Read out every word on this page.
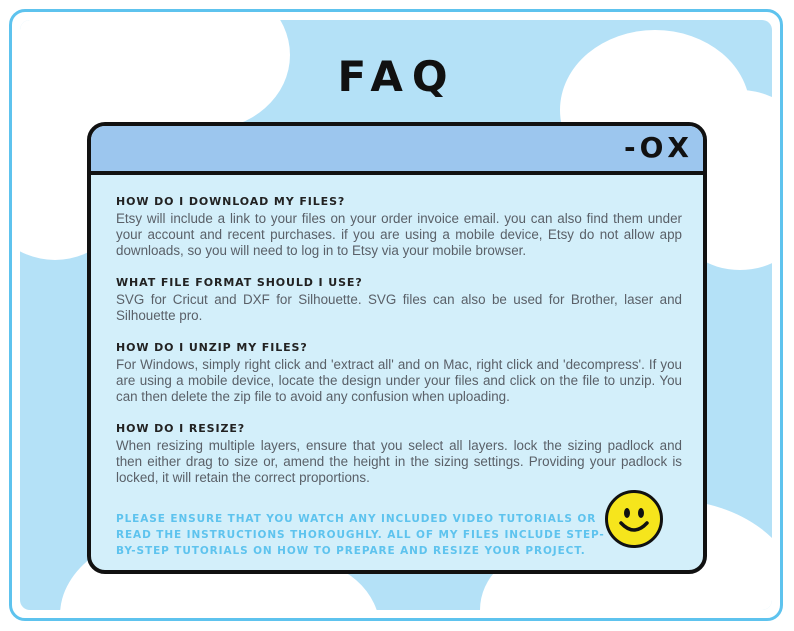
FAQ
- O X
HOW DO I DOWNLOAD MY FILES?
Etsy will include a link to your files on your order invoice email. you can also find them under your account and recent purchases. if you are using a mobile device, Etsy do not allow app downloads, so you will need to log in to Etsy via your mobile browser.
WHAT FILE FORMAT SHOULD I USE?
SVG for Cricut and DXF for Silhouette. SVG files can also be used for Brother, laser and Silhouette pro.
HOW DO I UNZIP MY FILES?
For Windows, simply right click and 'extract all' and on Mac, right click and 'decompress'. If you are using a mobile device, locate the design under your files and click on the file to unzip. You can then delete the zip file to avoid any confusion when uploading.
HOW DO I RESIZE?
When resizing multiple layers, ensure that you select all layers. lock the sizing padlock and then either drag to size or, amend the height in the sizing settings. Providing your padlock is locked, it will retain the correct proportions.
PLEASE ENSURE THAT YOU WATCH ANY INCLUDED VIDEO TUTORIALS OR READ THE INSTRUCTIONS THOROUGHLY. ALL OF MY FILES INCLUDE STEP-BY-STEP TUTORIALS ON HOW TO PREPARE AND RESIZE YOUR PROJECT.
